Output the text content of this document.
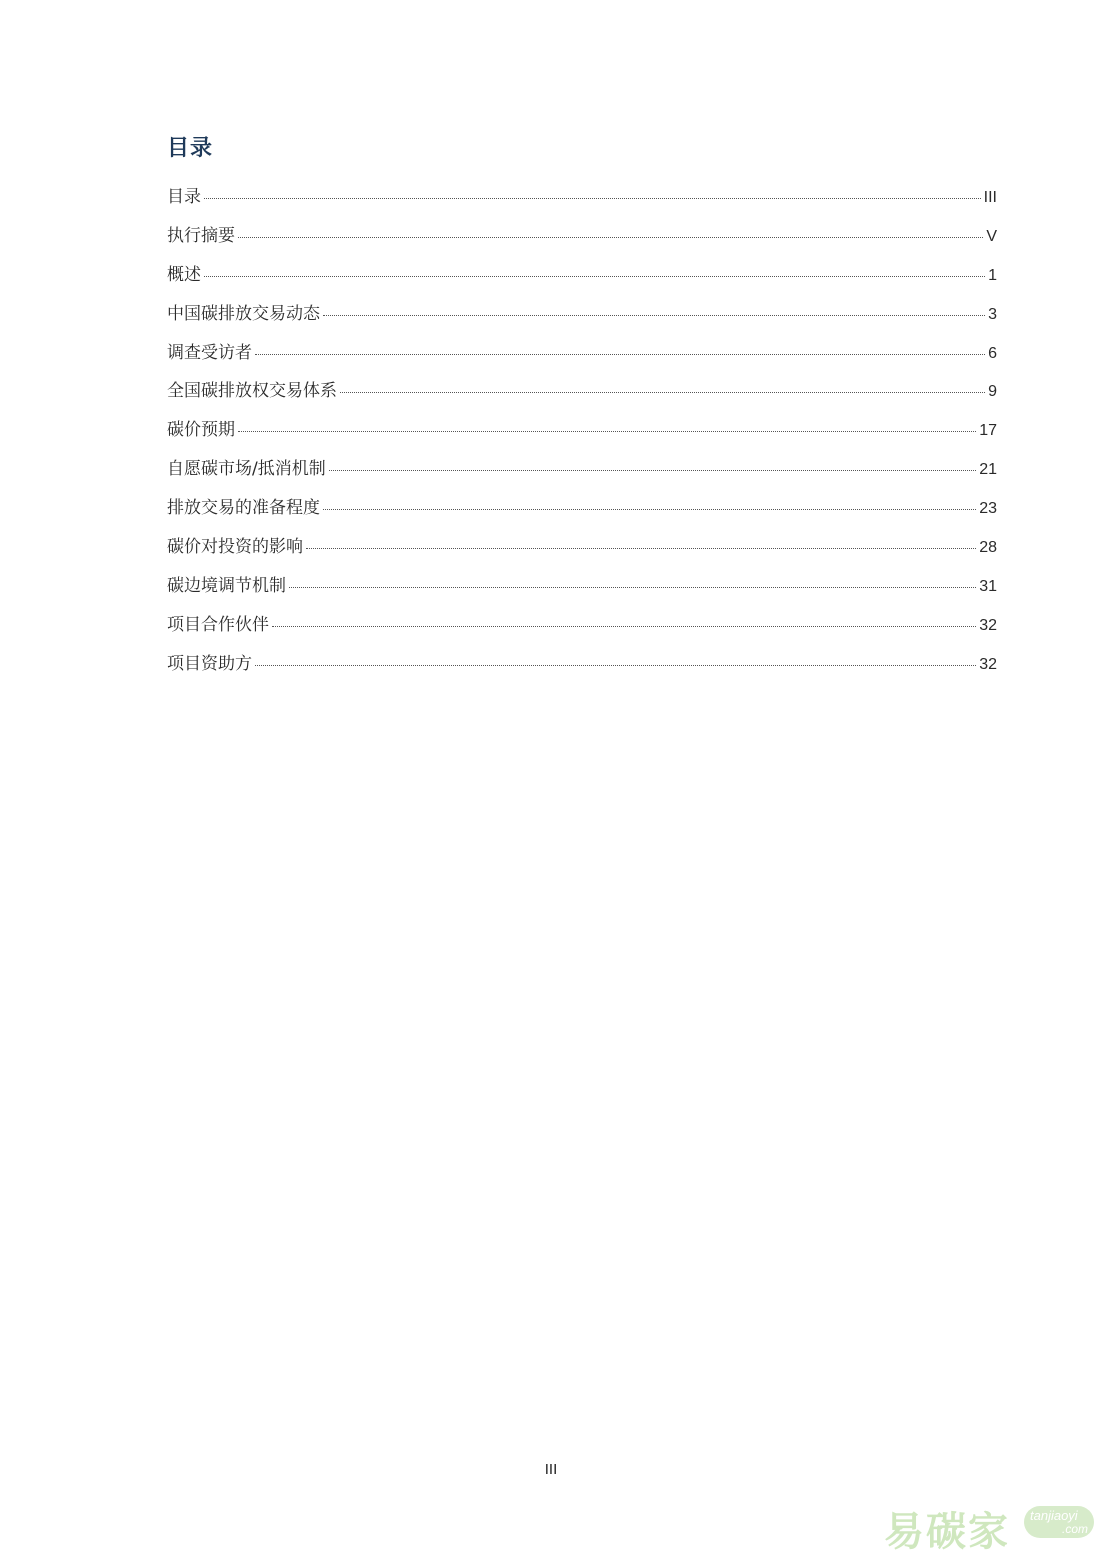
目录
目录	III
执行摘要	V
概述	1
中国碳排放交易动态	3
调查受访者	6
全国碳排放权交易体系	9
碳价预期	17
自愿碳市场/抵消机制	21
排放交易的准备程度	23
碳价对投资的影响	28
碳边境调节机制	31
项目合作伙伴	32
项目资助方	32
III
易碳家 tanjiaoyi
.com
